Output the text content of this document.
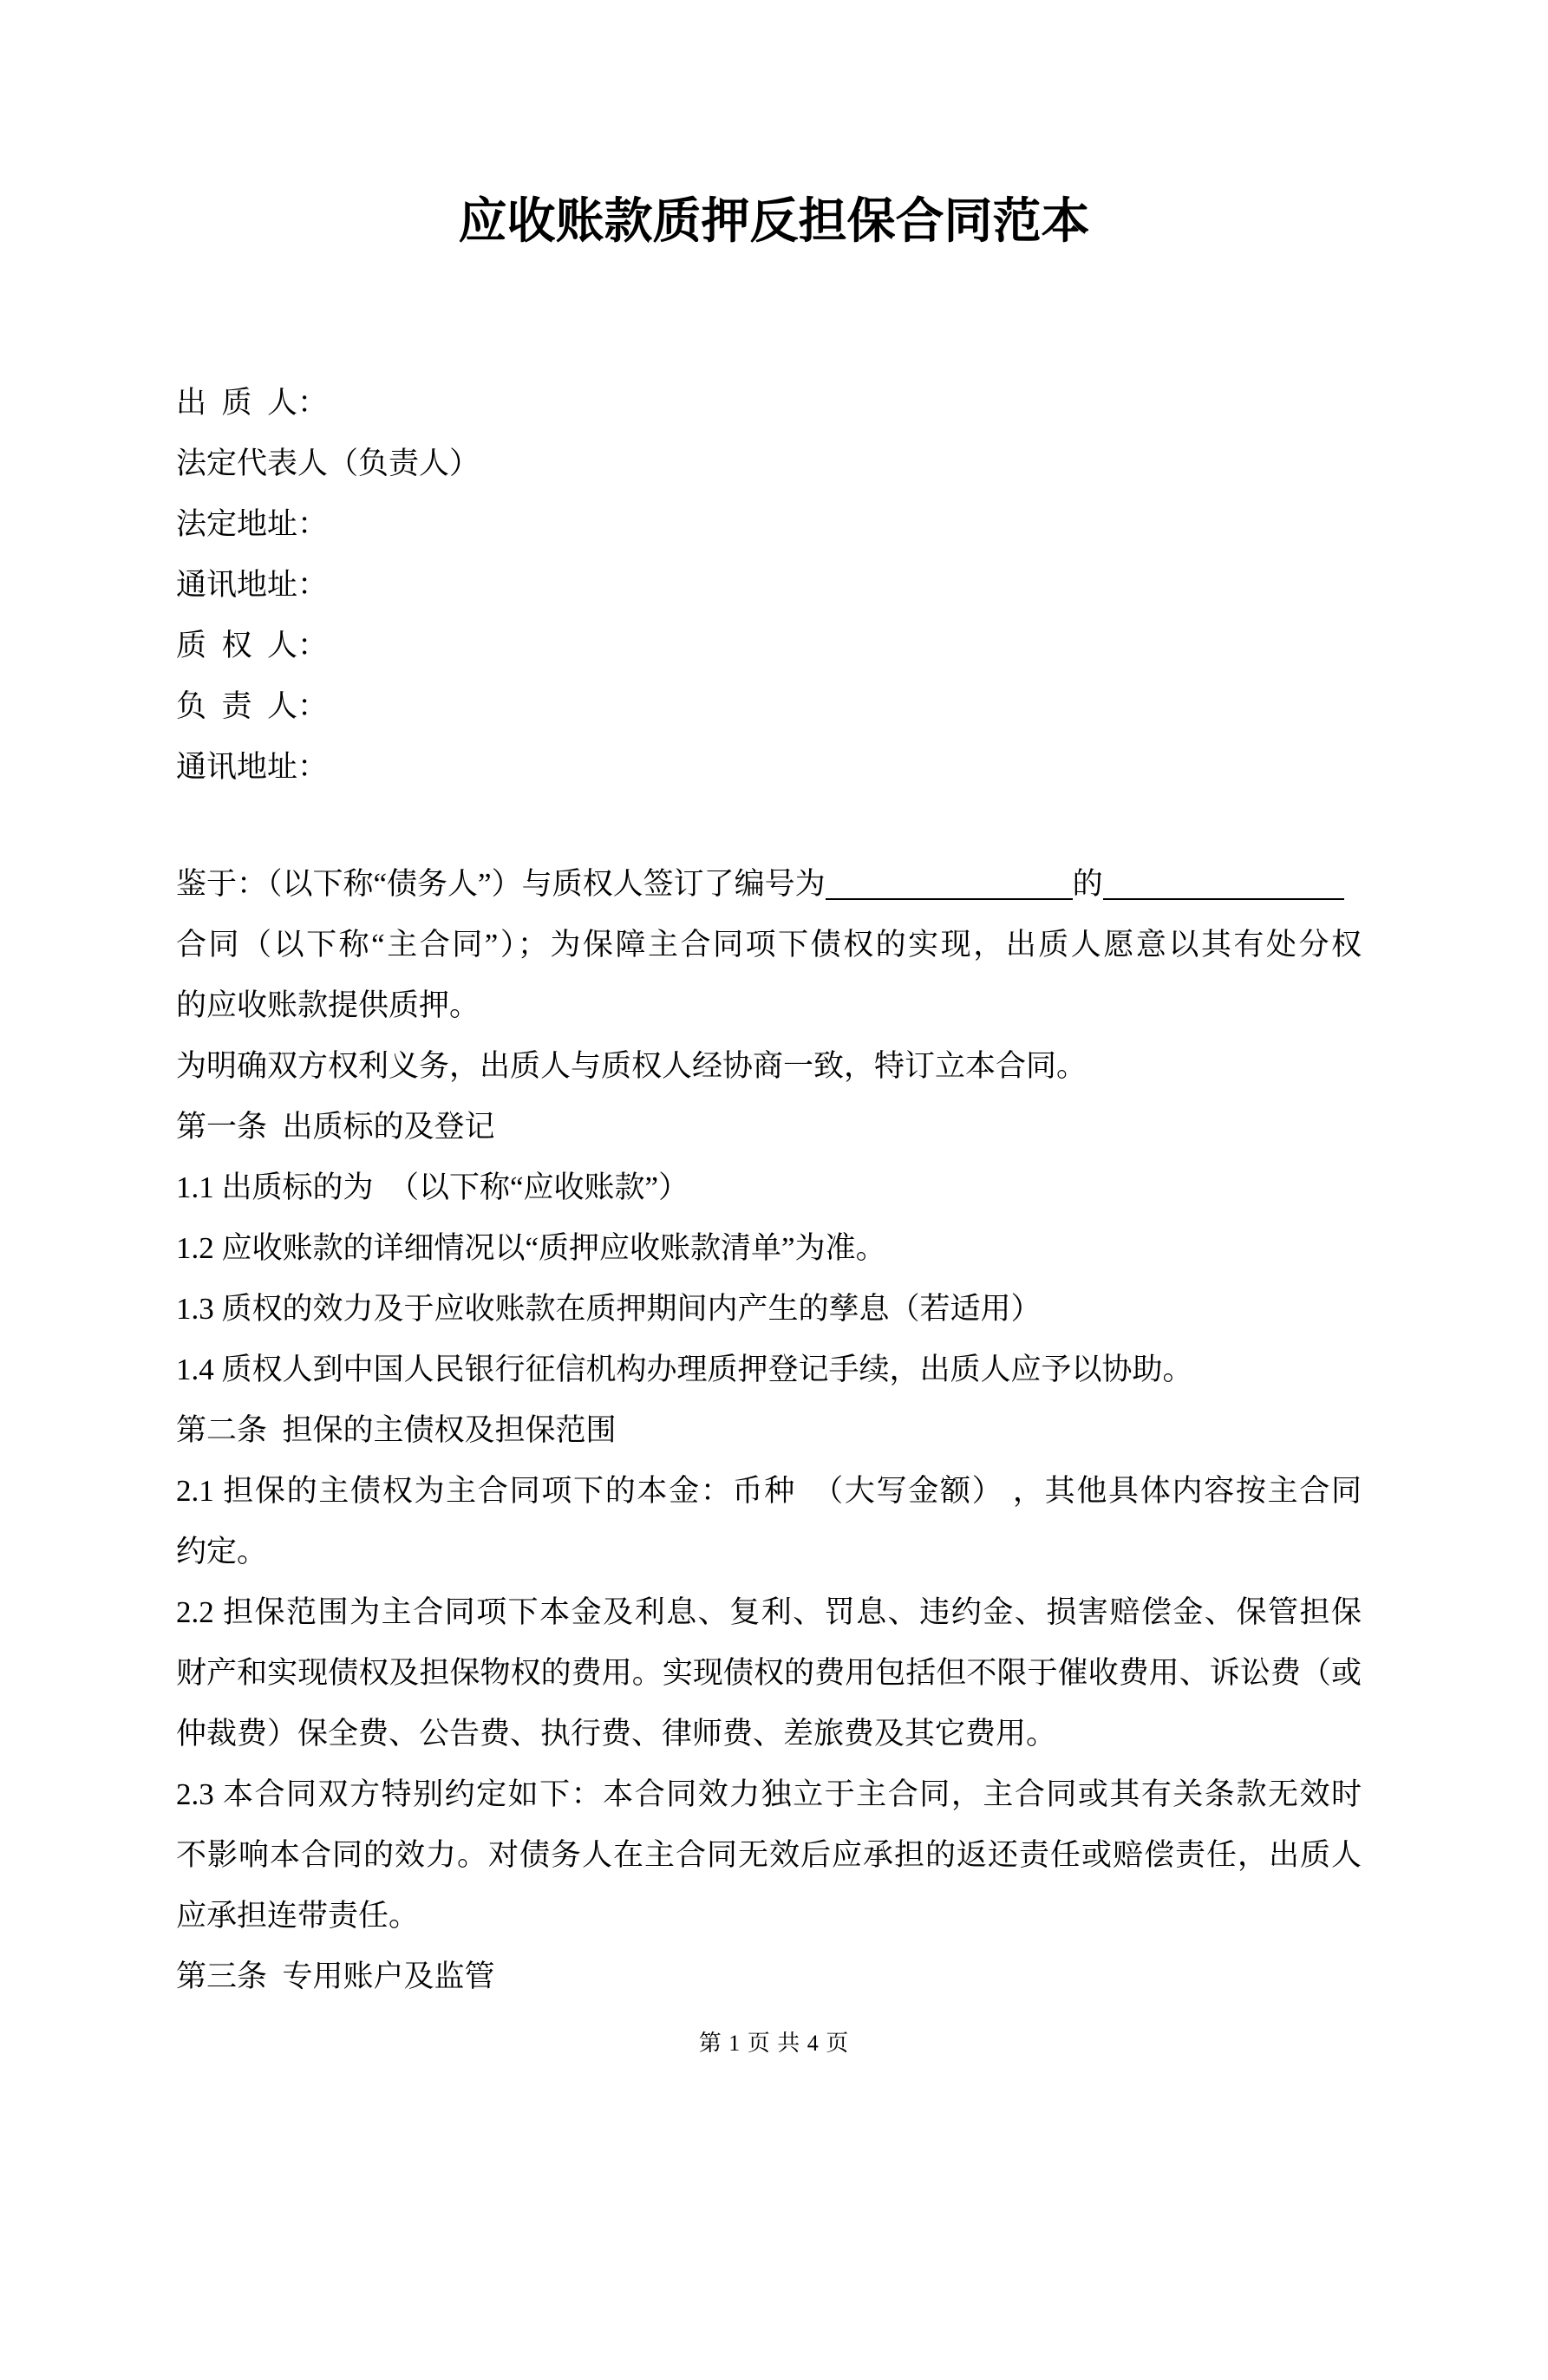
应收账款质押反担保合同范本
出 质 人：
法定代表人（负责人）
法定地址：
通讯地址：
质 权 人：
负 责 人：
通讯地址：
鉴于：（以下称“债务人”）与质权人签订了编号为	的
合同（以下称“主合同”）；为保障主合同项下债权的实现，出质人愿意以其有处分权
的应收账款提供质押。
为明确双方权利义务，出质人与质权人经协商一致，特订立本合同。
第一条 出质标的及登记
1.1 出质标的为 （以下称“应收账款”）
1.2 应收账款的详细情况以“质押应收账款清单”为准。
1.3 质权的效力及于应收账款在质押期间内产生的孳息（若适用）
1.4 质权人到中国人民银行征信机构办理质押登记手续，出质人应予以协助。
第二条 担保的主债权及担保范围
2.1 担保的主债权为主合同项下的本金：币种 （大写金额） ，其他具体内容按主合同
约定。
2.2 担保范围为主合同项下本金及利息、复利、罚息、违约金、损害赔偿金、保管担保
财产和实现债权及担保物权的费用。实现债权的费用包括但不限于催收费用、诉讼费（或
仲裁费）保全费、公告费、执行费、律师费、差旅费及其它费用。
2.3 本合同双方特别约定如下：本合同效力独立于主合同，主合同或其有关条款无效时
不影响本合同的效力。对债务人在主合同无效后应承担的返还责任或赔偿责任，出质人
应承担连带责任。
第三条 专用账户及监管
第 1 页 共 4 页
